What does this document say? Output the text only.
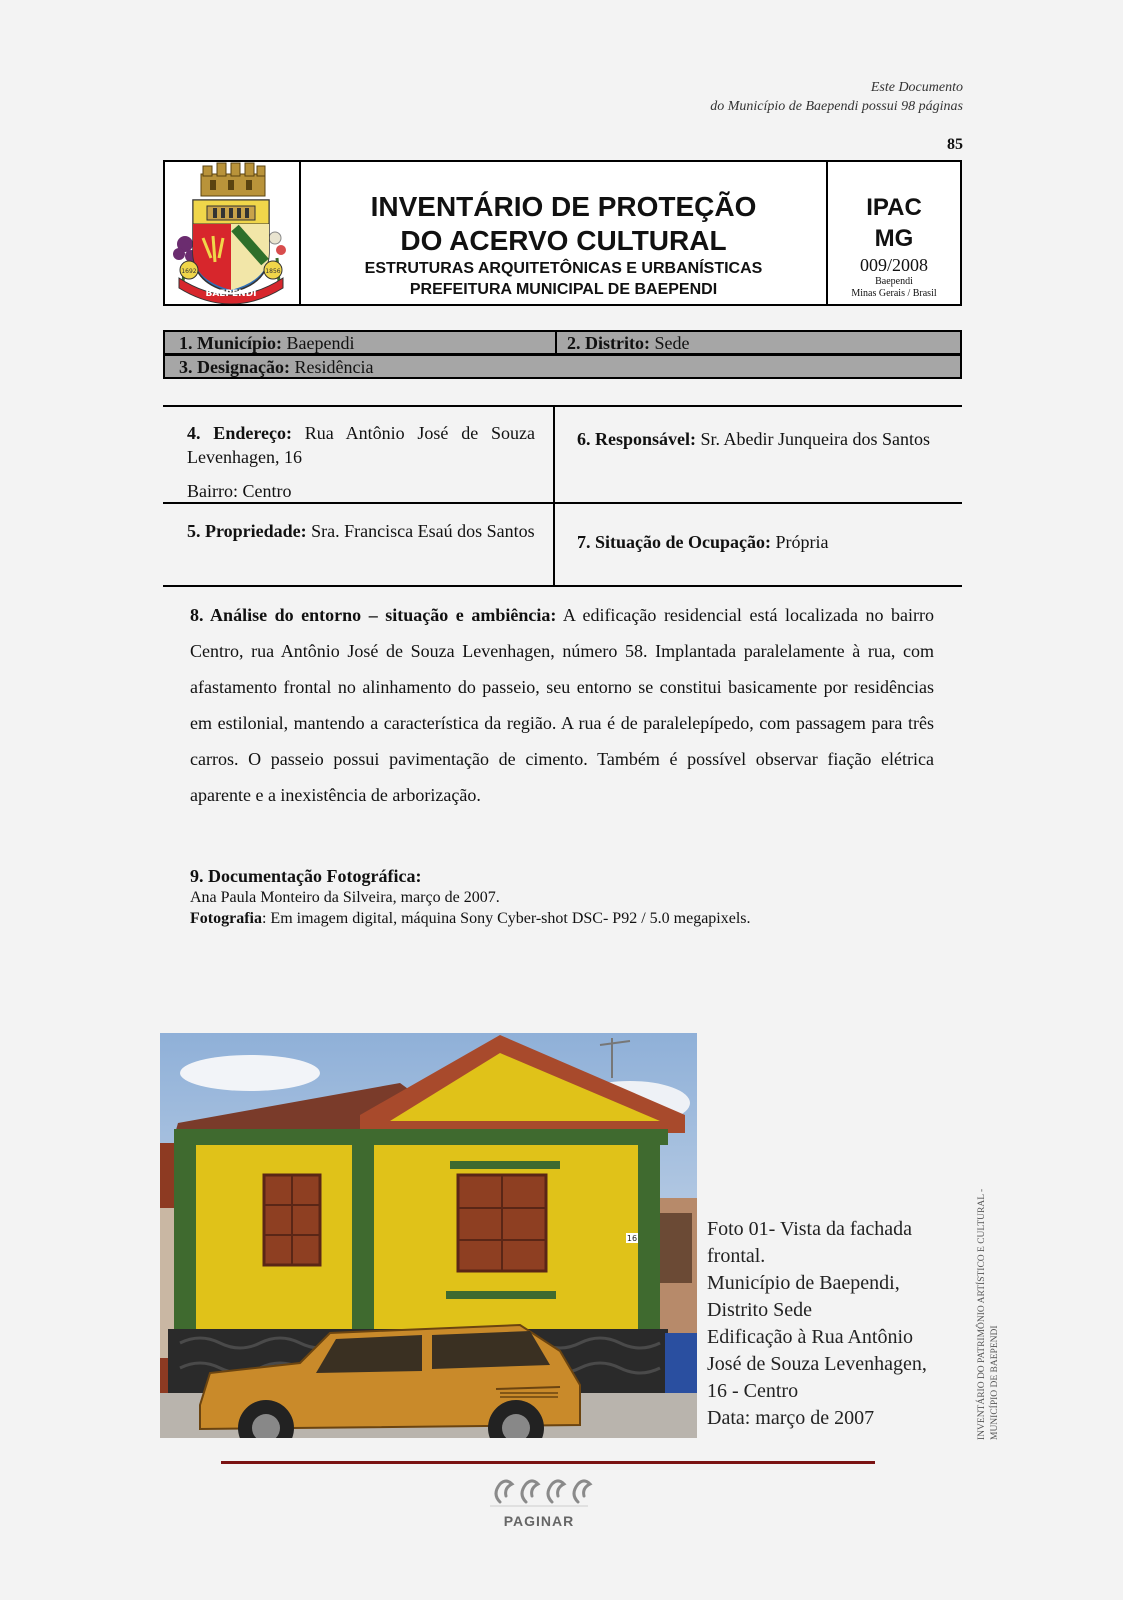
Este Documento
do Município de Baependi possui 98 páginas
85
1692	1856
BAEPENDI
INVENTÁRIO DE PROTEÇÃO
DO ACERVO CULTURAL
ESTRUTURAS ARQUITETÔNICAS E URBANÍSTICAS
PREFEITURA MUNICIPAL DE BAEPENDI
IPAC
MG
009/2008
Baependi
Minas Gerais / Brasil
1. Município: Baependi	2. Distrito: Sede
3. Designação: Residência
4. Endereço: Rua Antônio José de Souza Levenhagen, 16
Bairro: Centro
6. Responsável: Sr. Abedir Junqueira dos Santos
5. Propriedade: Sra. Francisca Esaú dos Santos
7. Situação de Ocupação: Própria
8. Análise do entorno – situação e ambiência: A edificação residencial está localizada no bairro Centro, rua Antônio José de Souza Levenhagen, número 58. Implantada paralelamente à rua, com afastamento frontal no alinhamento do passeio, seu entorno se constitui basicamente por residências em estilonial, mantendo a característica da região. A rua é de paralelepípedo, com passagem para três carros. O passeio possui pavimentação de cimento. Também é possível observar fiação elétrica aparente e a inexistência de arborização.
9. Documentação Fotográfica:
Ana Paula Monteiro da Silveira, março de 2007.
Fotografia: Em imagem digital, máquina Sony Cyber-shot DSC- P92 / 5.0 megapixels.
16	Foto 01- Vista da fachada frontal.
Município de Baependi, Distrito Sede
Edificação à Rua Antônio José de Souza Levenhagen, 16 - Centro
Data: março de 2007	INVENTÁRIO DO PATRIMÔNIO ARTÍSTICO E CULTURAL - MUNICÍPIO DE BAEPENDI
PAGINAR
